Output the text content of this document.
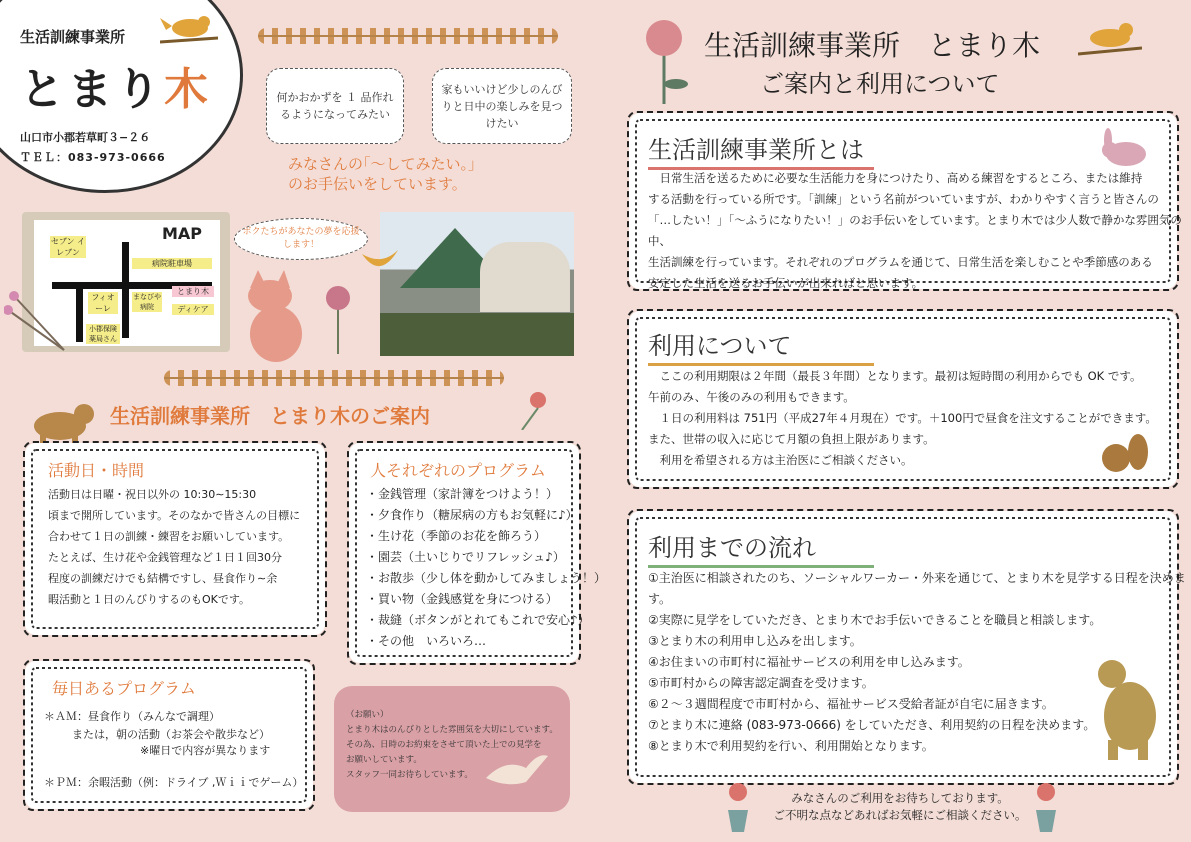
生活訓練事業所
とまり木
山口市小郡若草町３−２６
ＴＥＬ：083-973-0666
何かおかずを １ 品作れるようになってみたい
家もいいけど少しのんびりと日中の楽しみを見つけたい
みなさんの｢～してみたい｡」
のお手伝いをしています。
MAP
セブン イレブン
病院駐車場
フィオーレ
まなびや病院
とまり木
ディケア
小郡保険薬局さん
ボクたちがあなたの夢を応援します！
生活訓練事業所　とまり木のご案内
活動日・時間
活動日は日曜・祝日以外の 10:30∼15:30
頃まで開所しています。そのなかで皆さんの目標に
合わせて１日の訓練・練習をお願いしています。
たとえば、生け花や金銭管理など１日１回30分
程度の訓練だけでも結構ですし、昼食作り∼余
暇活動と１日のんびりするのもOKです。
人それぞれのプログラム
・金銭管理（家計簿をつけよう！）
・夕食作り（糖尿病の方もお気軽に♪）
・生け花（季節のお花を飾ろう）
・園芸（土いじりでリフレッシュ♪）
・お散歩（少し体を動かしてみましょう！）
・買い物（金銭感覚を身につける）
・裁縫（ボタンがとれてもこれで安心♪）
・その他　いろいろ…
毎日あるプログラム
＊ＡＭ：昼食作り（みんなで調理）
または，朝の活動（お茶会や散歩など）
※曜日で内容が異なります
＊ＰＭ：余暇活動（例：ドライブ ,Ｗｉｉでゲーム）
（お願い）
とまり木はのんびりとした雰囲気を大切にしています。
その為、日時のお約束をさせて頂いた上での見学を
お願いしています。
スタッフ一同お待ちしています。
生活訓練事業所　とまり木
ご案内と利用について
生活訓練事業所とは
　日常生活を送るために必要な生活能力を身につけたり、高める練習をするところ、または維持
する活動を行っている所です。「訓練」という名前がついていますが、わかりやすく言うと皆さんの
「…したい！」「～ふうになりたい！」のお手伝いをしています。とまり木では少人数で静かな雰囲気の中、
生活訓練を行っています。それぞれのプログラムを通じて、日常生活を楽しむことや季節感のある
安定した生活を送るお手伝いが出来ればと思います。
利用について
　ここの利用期限は２年間（最長３年間）となります。最初は短時間の利用からでも OK です。
午前のみ、午後のみの利用もできます。
　１日の利用料は 751円（平成27年４月現在）です。＋100円で昼食を注文することができます。
また、世帯の収入に応じて月額の負担上限があります。
　利用を希望される方は主治医にご相談ください。
利用までの流れ
①主治医に相談されたのち、ソーシャルワーカー・外来を通じて、とまり木を見学する日程を決めます。
②実際に見学をしていただき、とまり木でお手伝いできることを職員と相談します。
③とまり木の利用申し込みを出します。
④お住まいの市町村に福祉サービスの利用を申し込みます。
⑤市町村からの障害認定調査を受けます。
⑥２～３週間程度で市町村から、福祉サービス受給者証が自宅に届きます。
⑦とまり木に連絡 (083-973-0666) をしていただき、利用契約の日程を決めます。
⑧とまり木で利用契約を行い、利用開始となります。
みなさんのご利用をお待ちしております。
ご不明な点などあればお気軽にご相談ください。
